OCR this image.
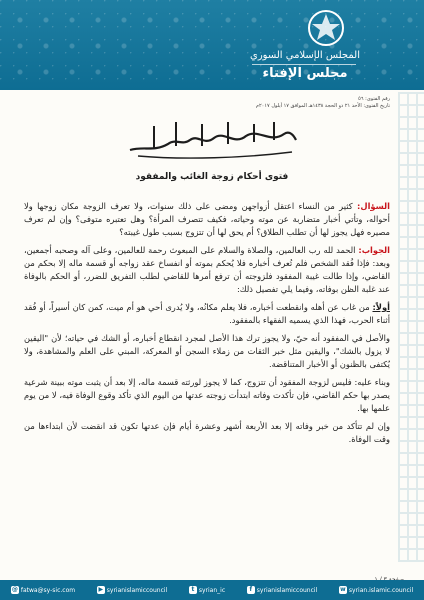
المجلس الإسلامي السوري
مجلس الإفتاء
رقم الفتوى: ٥٦
تاريخ الفتوى: الأحد ٢١ ذو الحجة ١٤٣٨هـ الموافق ١٧ أيلول ٢٠١٧م
فتوى أحكام زوجة الغائب والمفقود

السؤال: كثير من النساء اعتقل أزواجهن ومضى على ذلك سنوات، ولا تعرف الزوجة مكان زوجها ولا أحواله، وتأتي أخبار متضاربة عن موته وحياته، فكيف تتصرف المرأة؟ وهل تعتبره متوفى؟ وإن لم تعرف مصيره فهل يجوز لها أن تطلب الطلاق؟ أم يحق لها أن تتزوج بسبب طول غيبته؟

الجواب: الحمد لله رب العالمين، والصلاة والسلام على المبعوث رحمة للعالمين، وعلى آله وصحبه أجمعين، وبعد: فإذا فُقد الشخص فلم تُعرف أخباره فلا يُحكم بموته أو انفساخ عقد زواجه أو قسمة ماله إلا بحكم من القاضي، وإذا طالت غيبة المفقود فلزوجته أن ترفع أمرها للقاضي لطلب التفريق للضرر، أو الحكم بالوفاة عند غلبة الظن بوفاته، وفيما يلي تفصيل ذلك:

أولاً: من غاب عن أهله وانقطعت أخباره، فلا يعلم مكانُه، ولا يُدرى أحي هو أم ميت، كمن كان أسيراً، أو فُقد أثناء الحرب، فهذا الذي يسميه الفقهاء بالمفقود.

والأصل في المفقود أنه حيّ، ولا يجوز ترك هذا الأصل لمجرد انقطاع أخباره، أو الشك في حياته؛ لأن "اليقين لا يزول بالشك"، واليقين مثل خبر الثقات من زملاء السجن أو المعركة، المبني على العلم والمشاهدة، ولا يُكتفى بالظنون أو الأخبار المتناقضة.

وبناء عليه: فليس لزوجة المفقود أن تتزوج، كما لا يجوز لورثته قسمة ماله، إلا بعد أن يثبت موته ببينة شرعية يصدر بها حكم القاضي، فإن تأكدت وفاته ابتدأت زوجته عدتها من اليوم الذي تأكد وقوع الوفاة فيه، لا من يوم علمها بها.

وإن لم تتأكد من خبر وفاته إلا بعد الأربعة أشهر وعشرة أيام فإن عدتها تكون قد انقضت لأن ابتداءها من وقت الوفاة.

@ fatwa@sy-sic.com	▶ syrianislamiccouncil	t syrian_ic	f syrianislamiccouncil	w syrian.islamic.council
